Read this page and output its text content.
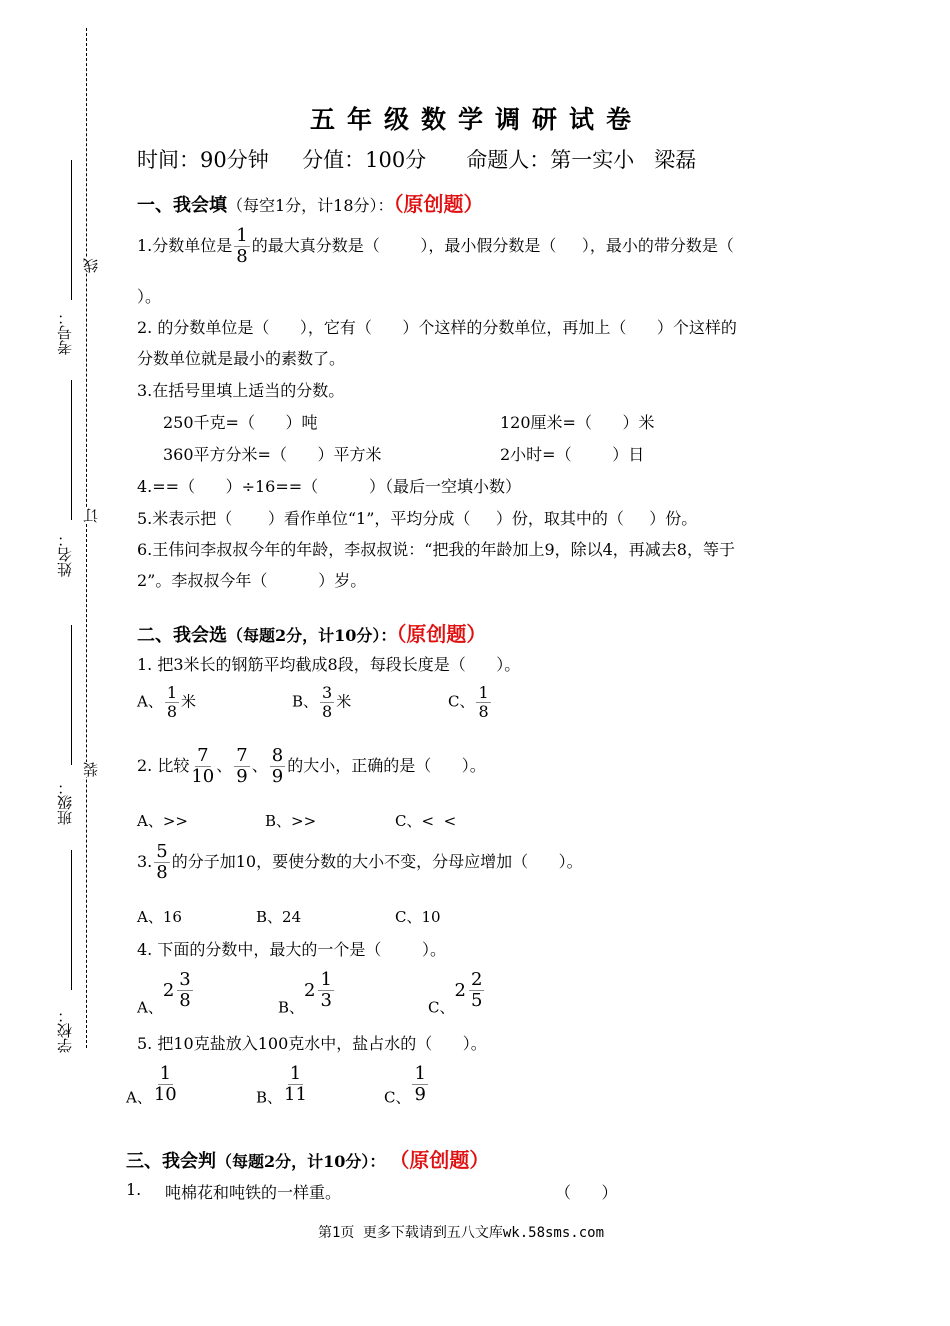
考号：
线
姓名：
订
班级：
装
学校：
五年级数学调研试卷
时间：90分钟     分值：100分      命题人：第一实小   梁磊
一、我会填（每空1分，计18分）：（原创题）
1.分数单位是 $\frac{1}{8}$ 的最大真分数是（        ），最小假分数是（     ），最小的带分数是（
）。
2. 的分数单位是（      ），它有（      ）个这样的分数单位，再加上（      ）个这样的
分数单位就是最小的素数了。
3.在括号里填上适当的分数。
250千克=（      ）吨	120厘米=（      ）米
360平方分米=（      ）平方米	2小时=（        ）日
4.==（      ）÷16==（          ）（最后一空填小数）
5.米表示把（       ）看作单位“1”，平均分成（     ）份，取其中的（     ）份。
6.王伟问李叔叔今年的年龄，李叔叔说：“把我的年龄加上9，除以4，再减去8，等于
2”。李叔叔今年（          ）岁。
二、我会选（每题2分，计10分）：（原创题）
1. 把3米长的钢筋平均截成8段，每段长度是（      ）。
A、 $\frac{1}{8}$ 米	B、 $\frac{3}{8}$ 米	C、 $\frac{1}{8}$
2. 比较 $\frac{7}{10}$ 、 $\frac{7}{9}$ 、 $\frac{8}{9}$ 的大小，正确的是（      ）。
A、>>	B、>>	C、<  <
3. $\frac{5}{8}$ 的分子加10，要使分数的大小不变，分母应增加（      ）。
A、16	B、24	C、10
4. 下面的分数中，最大的一个是（        ）。
A、$2 \frac{3}{8}$	B、$2 \frac{1}{3}$	C、$2 \frac{2}{5}$
5. 把10克盐放入100克水中，盐占水的（      ）。
A、 $\frac{1}{10}$	B、 $\frac{1}{11}$	C、 $\frac{1}{9}$
三、我会判（每题2分，计10分）： （原创题）
1. 吨棉花和吨铁的一样重。	（      ）
第1页 更多下载请到五八文库wk.58sms.com
